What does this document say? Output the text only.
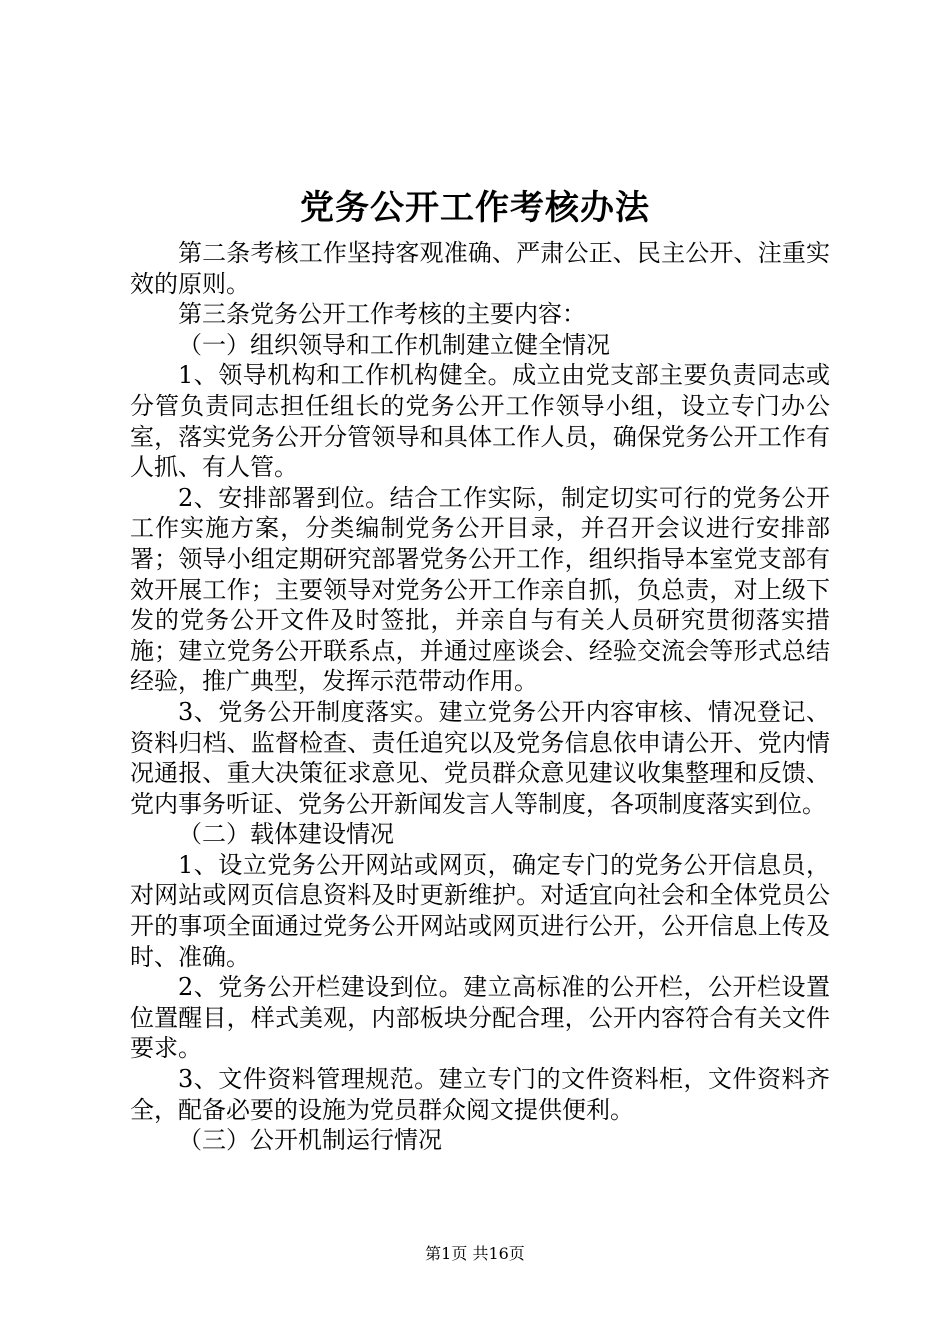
党务公开工作考核办法

第二条考核工作坚持客观准确、严肃公正、民主公开、注重实效的原则。

第三条党务公开工作考核的主要内容：

（一）组织领导和工作机制建立健全情况

1、领导机构和工作机构健全。成立由党支部主要负责同志或分管负责同志担任组长的党务公开工作领导小组，设立专门办公室，落实党务公开分管领导和具体工作人员，确保党务公开工作有人抓、有人管。

2、安排部署到位。结合工作实际，制定切实可行的党务公开工作实施方案，分类编制党务公开目录，并召开会议进行安排部署；领导小组定期研究部署党务公开工作，组织指导本室党支部有效开展工作；主要领导对党务公开工作亲自抓，负总责，对上级下发的党务公开文件及时签批，并亲自与有关人员研究贯彻落实措施；建立党务公开联系点，并通过座谈会、经验交流会等形式总结经验，推广典型，发挥示范带动作用。

3、党务公开制度落实。建立党务公开内容审核、情况登记、资料归档、监督检查、责任追究以及党务信息依申请公开、党内情况通报、重大决策征求意见、党员群众意见建议收集整理和反馈、党内事务听证、党务公开新闻发言人等制度，各项制度落实到位。

（二）载体建设情况

1、设立党务公开网站或网页，确定专门的党务公开信息员，对网站或网页信息资料及时更新维护。对适宜向社会和全体党员公开的事项全面通过党务公开网站或网页进行公开，公开信息上传及时、准确。

2、党务公开栏建设到位。建立高标准的公开栏，公开栏设置位置醒目，样式美观，内部板块分配合理，公开内容符合有关文件要求。

3、文件资料管理规范。建立专门的文件资料柜，文件资料齐全，配备必要的设施为党员群众阅文提供便利。

（三）公开机制运行情况

第1页 共16页
